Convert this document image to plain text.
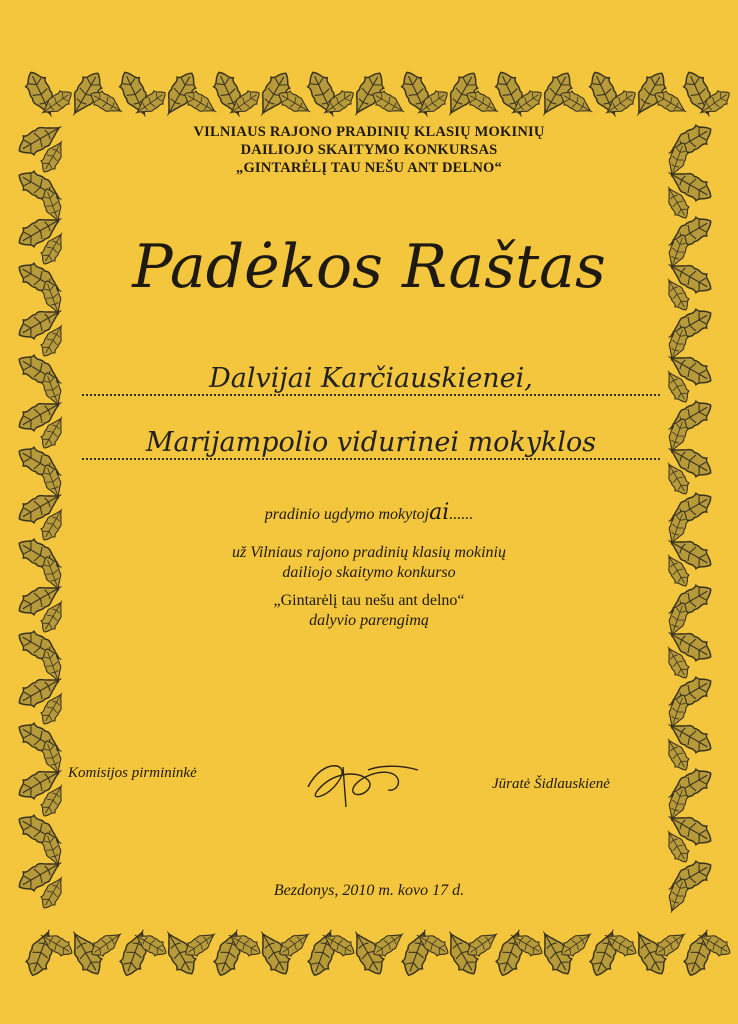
VILNIAUS RAJONO PRADINIŲ KLASIŲ MOKINIŲ
DAILIOJO SKAITYMO KONKURSAS
„GINTARĖLĮ TAU NEŠU ANT DELNO“
Padėkos Raštas
Dalvijai Karčiauskienei,
Marijampolio vidurinei mokyklos
pradinio ugdymo mokytojai......
už Vilniaus rajono pradinių klasių mokinių
dailiojo skaitymo konkurso
„Gintarėlį tau nešu ant delno“
dalyvio parengimą
Komisijos pirmininkė
Jūratė Šidlauskienė
Bezdonys, 2010 m. kovo 17 d.
